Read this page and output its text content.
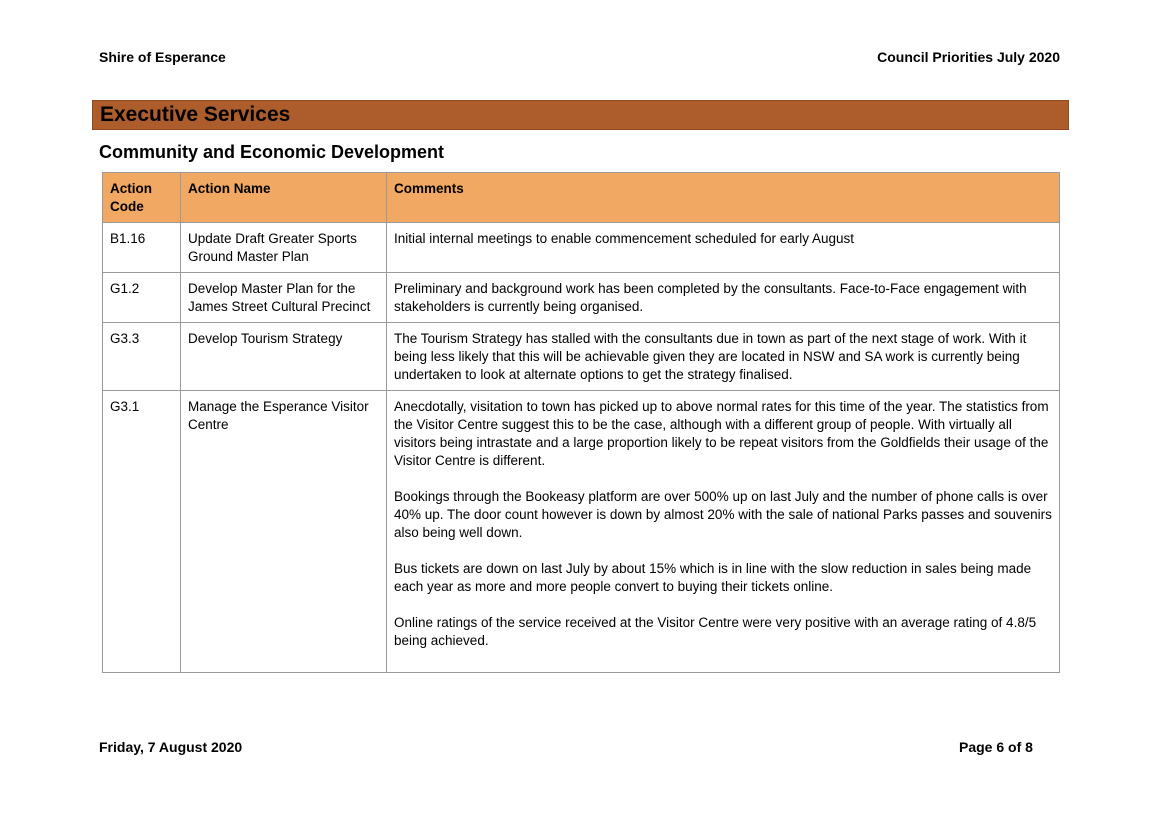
Shire of Esperance	Council Priorities July 2020
Executive Services
Community and Economic Development
Action Code	Action Name	Comments
B1.16	Update Draft Greater Sports Ground Master Plan	Initial internal meetings to enable commencement scheduled for early August

G1.2	Develop Master Plan for the James Street Cultural Precinct	Preliminary and background work has been completed by the consultants. Face-to-Face engagement with stakeholders is currently being organised.

G3.3	Develop Tourism Strategy	The Tourism Strategy has stalled with the consultants due in town as part of the next stage of work. With it being less likely that this will be achievable given they are located in NSW and SA work is currently being undertaken to look at alternate options to get the strategy finalised.

G3.1	Manage the Esperance Visitor Centre	Anecdotally, visitation to town has picked up to above normal rates for this time of the year. The statistics from the Visitor Centre suggest this to be the case, although with a different group of people. With virtually all visitors being intrastate and a large proportion likely to be repeat visitors from the Goldfields their usage of the Visitor Centre is different.

Bookings through the Bookeasy platform are over 500% up on last July and the number of phone calls is over 40% up. The door count however is down by almost 20% with the sale of national Parks passes and souvenirs also being well down.

Bus tickets are down on last July by about 15% which is in line with the slow reduction in sales being made each year as more and more people convert to buying their tickets online.

Online ratings of the service received at the Visitor Centre were very positive with an average rating of 4.8/5 being achieved.

Friday, 7 August 2020	Page 6 of 8
